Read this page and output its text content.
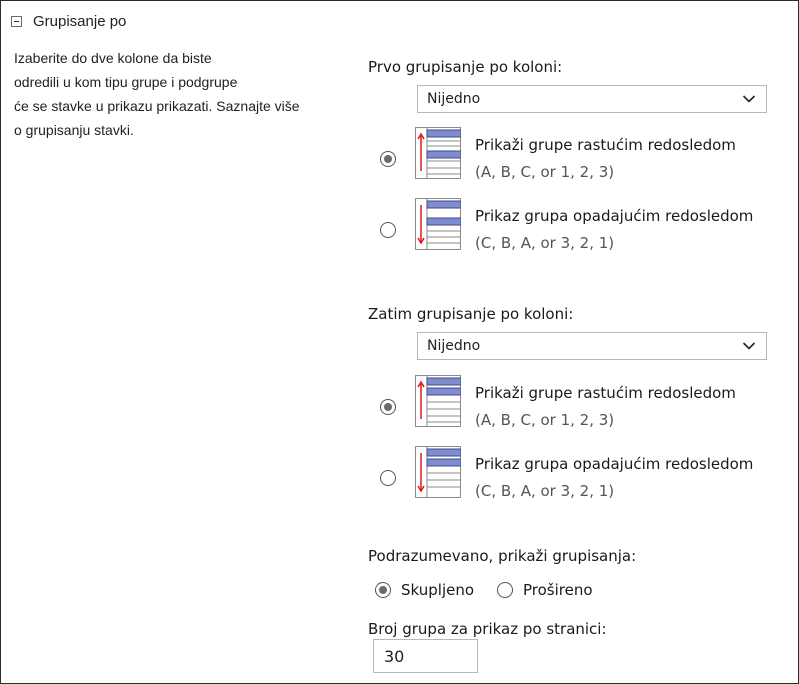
Grupisanje po
Izaberite do dve kolone da biste
odredili u kom tipu grupe i podgrupe
će se stavke u prikazu prikazati. Saznajte više
o grupisanju stavki.
Prvo grupisanje po koloni:
Nijedno
Prikaži grupe rastućim redosledom
(A, B, C, or 1, 2, 3)
Prikaz grupa opadajućim redosledom
(C, B, A, or 3, 2, 1)
Zatim grupisanje po koloni:
Nijedno
Prikaži grupe rastućim redosledom
(A, B, C, or 1, 2, 3)
Prikaz grupa opadajućim redosledom
(C, B, A, or 3, 2, 1)
Podrazumevano, prikaži grupisanja:
Skupljeno	Prošireno
Broj grupa za prikaz po stranici:
30
